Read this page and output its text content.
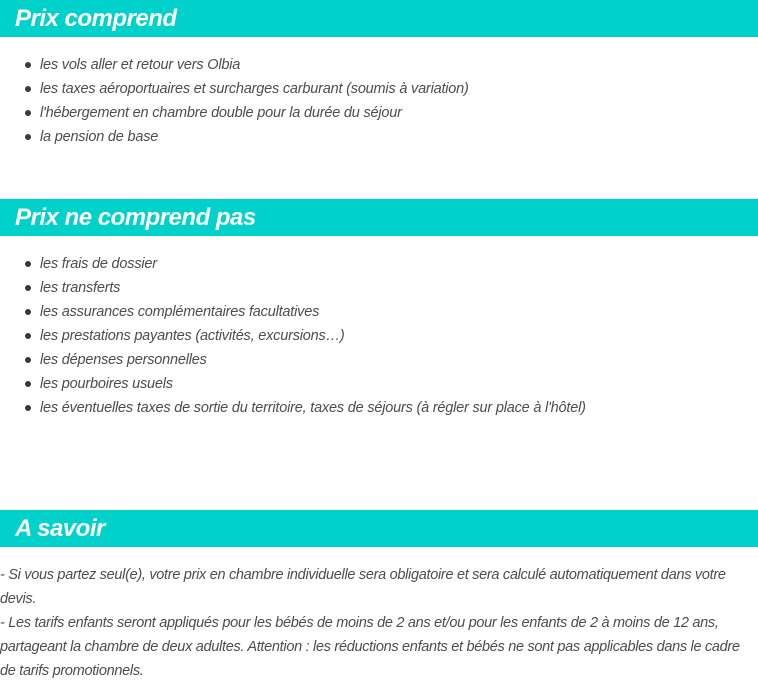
Prix comprend
les vols aller et retour vers Olbia
les taxes aéroportuaires et surcharges carburant (soumis à variation)
l'hébergement en chambre double pour la durée du séjour
la pension de base
Prix ne comprend pas
les frais de dossier
les transferts
les assurances complémentaires facultatives
les prestations payantes (activités, excursions…)
les dépenses personnelles
les pourboires usuels
les éventuelles taxes de sortie du territoire, taxes de séjours (à régler sur place à l'hôtel)
A savoir

- Si vous partez seul(e), votre prix en chambre individuelle sera obligatoire et sera calculé automatiquement dans votre devis.

- Les tarifs enfants seront appliqués pour les bébés de moins de 2 ans et/ou pour les enfants de 2 à moins de 12 ans, partageant la chambre de deux adultes. Attention : les réductions enfants et bébés ne sont pas applicables dans le cadre de tarifs promotionnels.
